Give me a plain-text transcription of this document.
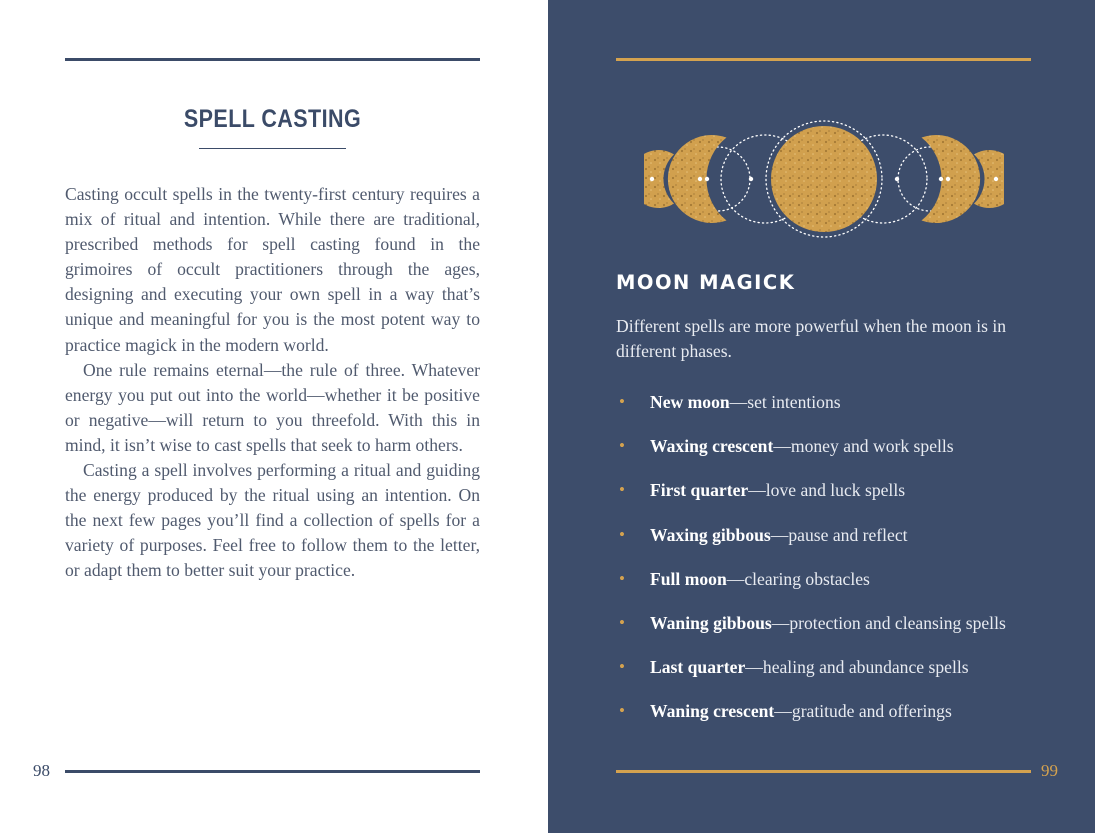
SPELL CASTING

Casting occult spells in the twenty-first century requires a mix of ritual and intention. While there are traditional, prescribed methods for spell casting found in the grimoires of occult practitioners through the ages, designing and executing your own spell in a way that’s unique and meaningful for you is the most potent way to practice magick in the modern world.

One rule remains eternal—the rule of three. Whatever energy you put out into the world—whether it be positive or negative—will return to you threefold. With this in mind, it isn’t wise to cast spells that seek to harm others.

Casting a spell involves performing a ritual and guiding the energy produced by the ritual using an intention. On the next few pages you’ll find a collection of spells for a variety of purposes. Feel free to follow them to the letter, or adapt them to better suit your practice.

98
MOON MAGICK
Different spells are more powerful when the moon is in different phases.
• New moon—set intentions
• Waxing crescent—money and work spells
• First quarter—love and luck spells
• Waxing gibbous—pause and reflect
• Full moon—clearing obstacles
• Waning gibbous—protection and cleansing spells
• Last quarter—healing and abundance spells
• Waning crescent—gratitude and offerings
99
